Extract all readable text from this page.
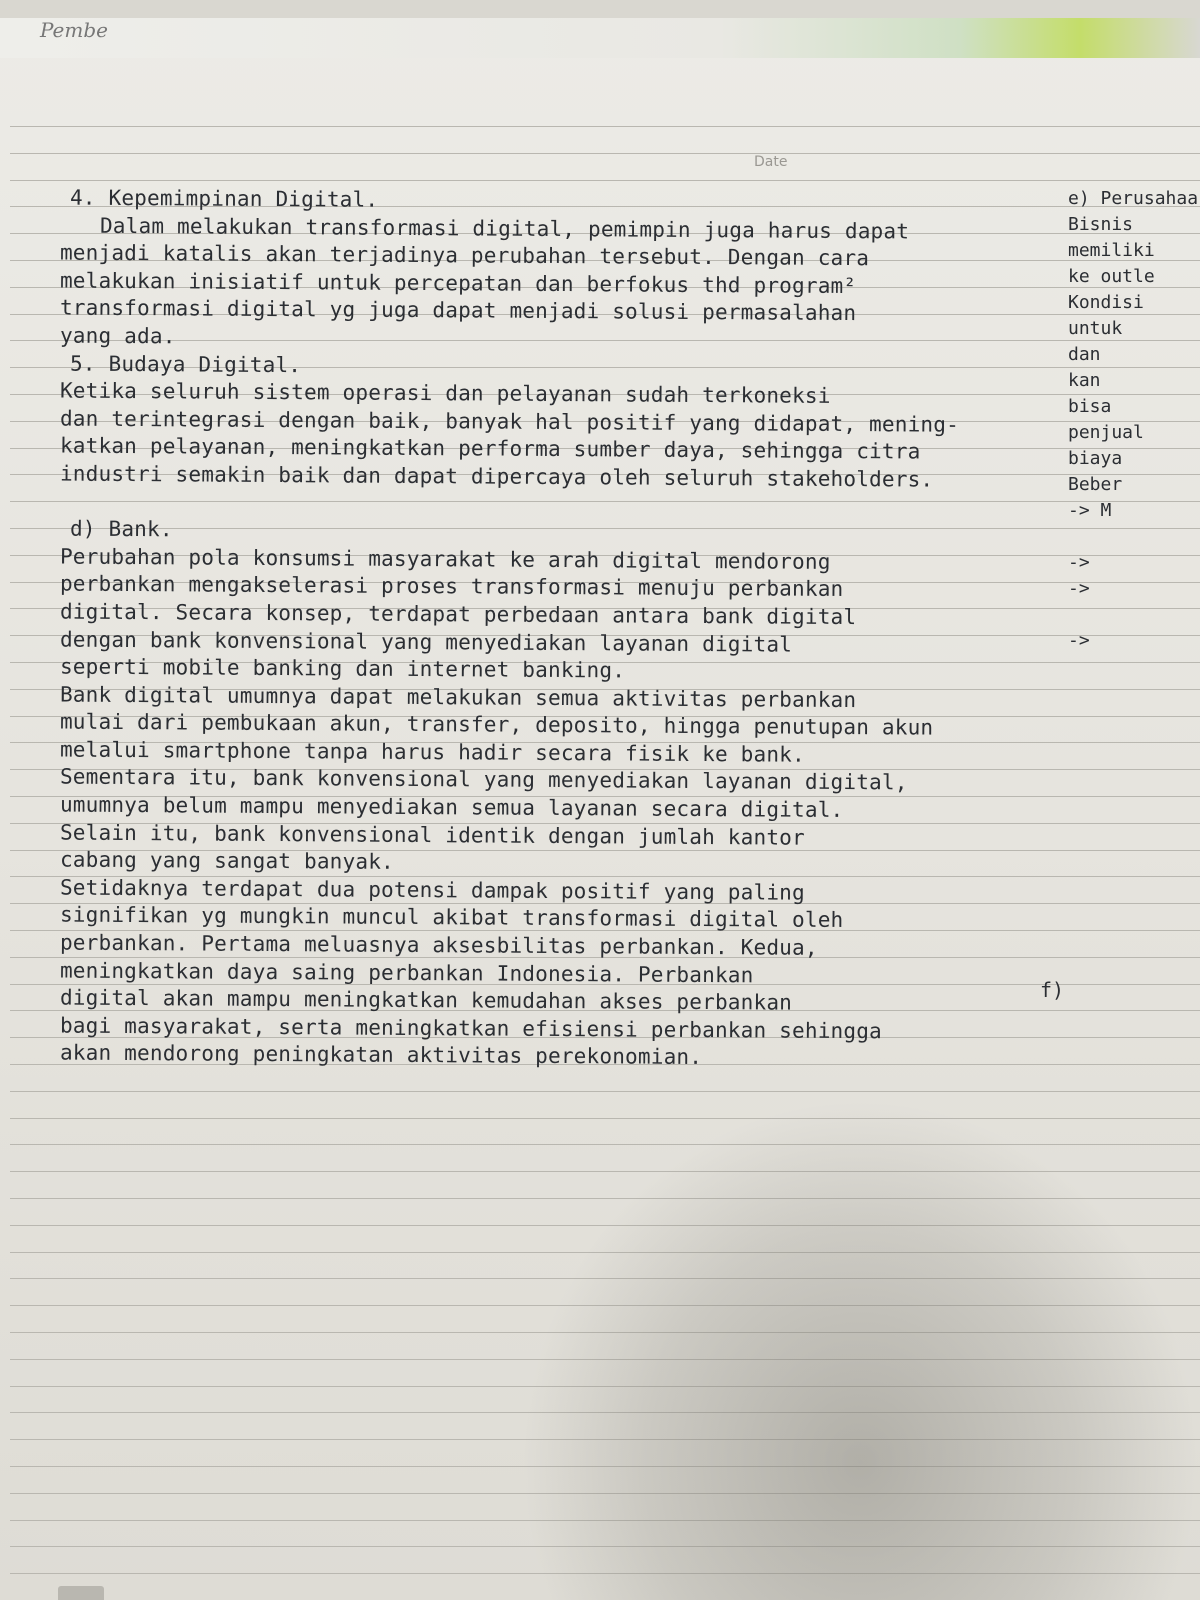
Pembe
Date
4. Kepemimpinan Digital.
Dalam melakukan transformasi digital, pemimpin juga harus dapat
menjadi katalis akan terjadinya perubahan tersebut. Dengan cara
melakukan inisiatif untuk percepatan dan berfokus thd program²
transformasi digital yg juga dapat menjadi solusi permasalahan
yang ada.
5. Budaya Digital.
Ketika seluruh sistem operasi dan pelayanan sudah terkoneksi
dan terintegrasi dengan baik, banyak hal positif yang didapat, mening-
katkan pelayanan, meningkatkan performa sumber daya, sehingga citra
industri semakin baik dan dapat dipercaya oleh seluruh stakeholders.
d) Bank.
Perubahan pola konsumsi masyarakat ke arah digital mendorong
perbankan mengakselerasi proses transformasi menuju perbankan
digital. Secara konsep, terdapat perbedaan antara bank digital
dengan bank konvensional yang menyediakan layanan digital
seperti mobile banking dan internet banking.
Bank digital umumnya dapat melakukan semua aktivitas perbankan
mulai dari pembukaan akun, transfer, deposito, hingga penutupan akun
melalui smartphone tanpa harus hadir secara fisik ke bank.
Sementara itu, bank konvensional yang menyediakan layanan digital,
umumnya belum mampu menyediakan semua layanan secara digital.
Selain itu, bank konvensional identik dengan jumlah kantor
cabang yang sangat banyak.
Setidaknya terdapat dua potensi dampak positif yang paling
signifikan yg mungkin muncul akibat transformasi digital oleh
perbankan. Pertama meluasnya aksesbilitas perbankan. Kedua,
meningkatkan daya saing perbankan Indonesia. Perbankan
digital akan mampu meningkatkan kemudahan akses perbankan
bagi masyarakat, serta meningkatkan efisiensi perbankan sehingga
akan mendorong peningkatan aktivitas perekonomian.
e) Perusahaa
Bisnis
memiliki
ke outle
Kondisi
untuk
dan
kan
bisa
penjual
biaya
Beber
-> M
->
->
->
f)
